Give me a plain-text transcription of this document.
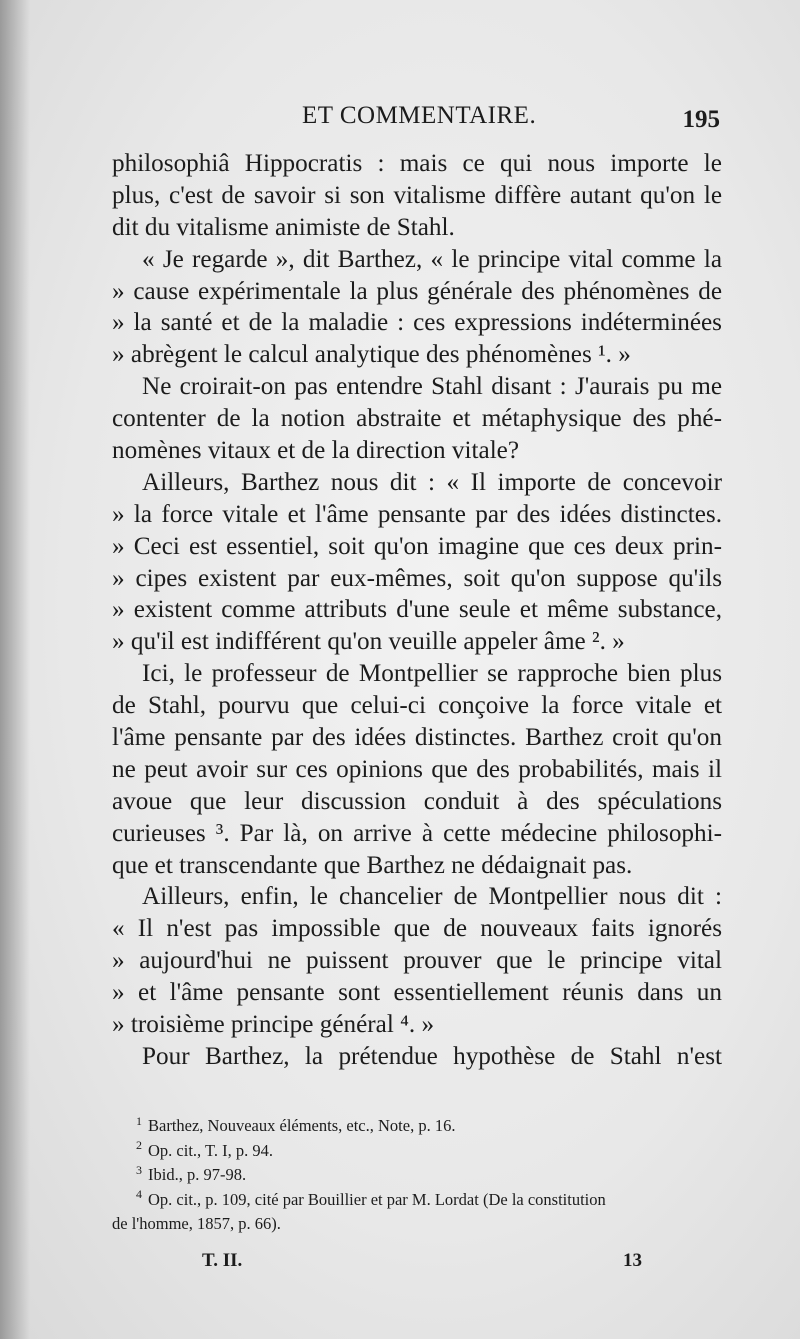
ET COMMENTAIRE.	195
philosophiâ Hippocratis : mais ce qui nous importe le
plus, c'est de savoir si son vitalisme diffère autant qu'on le
dit du vitalisme animiste de Stahl.
« Je regarde », dit Barthez, « le principe vital comme la
» cause expérimentale la plus générale des phénomènes de
» la santé et de la maladie : ces expressions indéterminées
» abrègent le calcul analytique des phénomènes ¹. »
Ne croirait-on pas entendre Stahl disant : J'aurais pu me
contenter de la notion abstraite et métaphysique des phé-
nomènes vitaux et de la direction vitale?
Ailleurs, Barthez nous dit : « Il importe de concevoir
» la force vitale et l'âme pensante par des idées distinctes.
» Ceci est essentiel, soit qu'on imagine que ces deux prin-
» cipes existent par eux-mêmes, soit qu'on suppose qu'ils
» existent comme attributs d'une seule et même substance,
» qu'il est indifférent qu'on veuille appeler âme ². »
Ici, le professeur de Montpellier se rapproche bien plus
de Stahl, pourvu que celui-ci conçoive la force vitale et
l'âme pensante par des idées distinctes. Barthez croit qu'on
ne peut avoir sur ces opinions que des probabilités, mais il
avoue que leur discussion conduit à des spéculations
curieuses ³. Par là, on arrive à cette médecine philosophi-
que et transcendante que Barthez ne dédaignait pas.
Ailleurs, enfin, le chancelier de Montpellier nous dit :
« Il n'est pas impossible que de nouveaux faits ignorés
» aujourd'hui ne puissent prouver que le principe vital
» et l'âme pensante sont essentiellement réunis dans un
» troisième principe général ⁴. »
Pour Barthez, la prétendue hypothèse de Stahl n'est
$^1$ Barthez, Nouveaux éléments, etc., Note, p. 16.
$^2$ Op. cit., T. I, p. 94.
$^3$ Ibid., p. 97-98.
$^4$ Op. cit., p. 109, cité par Bouillier et par M. Lordat (De la constitution
de l'homme, 1857, p. 66).
T. II.	13
